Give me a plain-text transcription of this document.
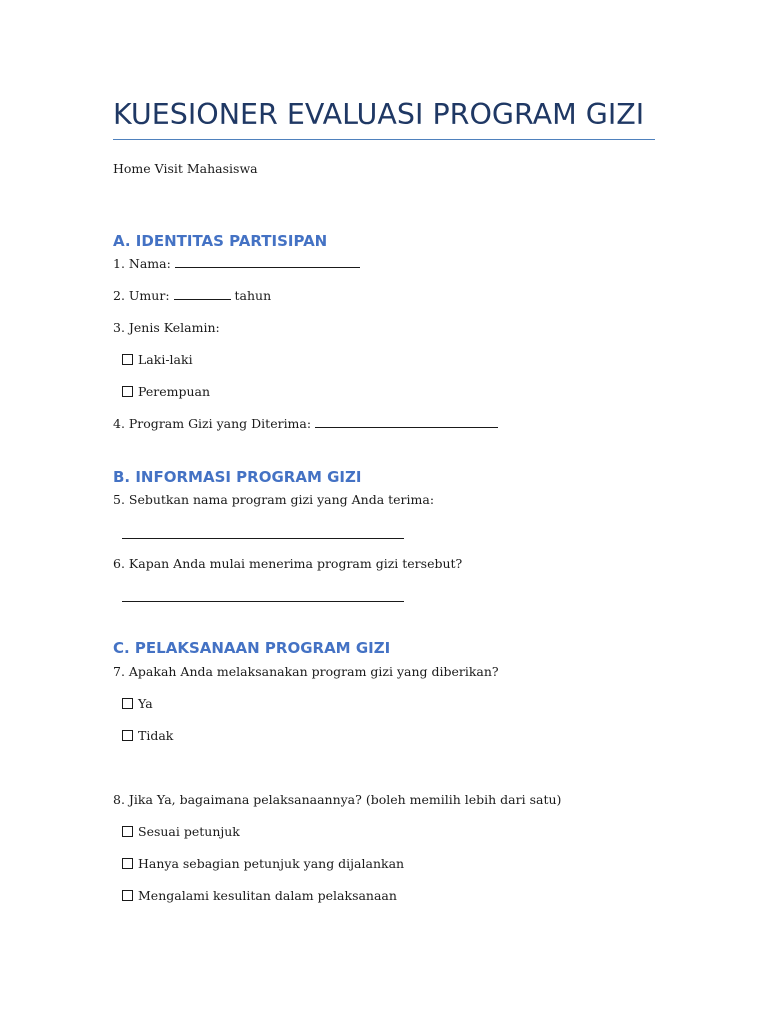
KUESIONER EVALUASI PROGRAM GIZI
Home Visit Mahasiswa
A. IDENTITAS PARTISIPAN
1. Nama:
2. Umur:	tahun
3. Jenis Kelamin:
Laki-laki
Perempuan
4. Program Gizi yang Diterima:
B. INFORMASI PROGRAM GIZI
5. Sebutkan nama program gizi yang Anda terima:
6. Kapan Anda mulai menerima program gizi tersebut?
C. PELAKSANAAN PROGRAM GIZI
7. Apakah Anda melaksanakan program gizi yang diberikan?
Ya
Tidak
8. Jika Ya, bagaimana pelaksanaannya? (boleh memilih lebih dari satu)
Sesuai petunjuk
Hanya sebagian petunjuk yang dijalankan
Mengalami kesulitan dalam pelaksanaan
